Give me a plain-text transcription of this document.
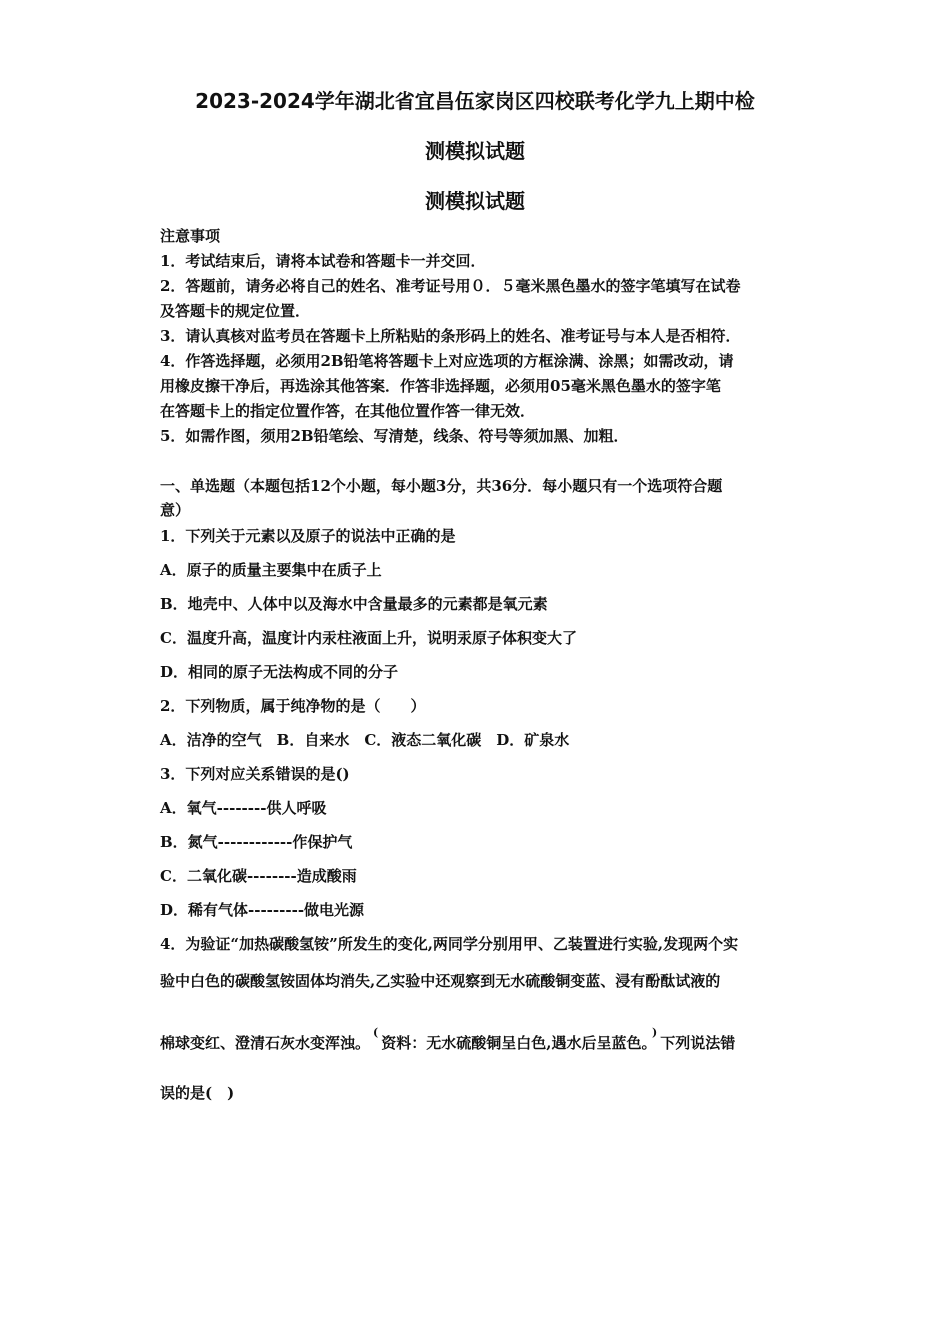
2023-2024学年湖北省宜昌伍家岗区四校联考化学九上期中检
测模拟试题
测模拟试题

注意事项

1．考试结束后，请将本试卷和答题卡一并交回．

2．答题前，请务必将自己的姓名、准考证号用０．５毫米黑色墨水的签字笔填写在试卷

及答题卡的规定位置．

3．请认真核对监考员在答题卡上所粘贴的条形码上的姓名、准考证号与本人是否相符．

4．作答选择题，必须用2B铅笔将答题卡上对应选项的方框涂满、涂黑；如需改动，请

用橡皮擦干净后，再选涂其他答案．作答非选择题，必须用05毫米黑色墨水的签字笔

在答题卡上的指定位置作答，在其他位置作答一律无效．

5．如需作图，须用2B铅笔绘、写清楚，线条、符号等须加黑、加粗．

一、单选题（本题包括12个小题，每小题3分，共36分．每小题只有一个选项符合题

意）

1．下列关于元素以及原子的说法中正确的是

A．原子的质量主要集中在质子上

B．地壳中、人体中以及海水中含量最多的元素都是氧元素

C．温度升高，温度计内汞柱液面上升，说明汞原子体积变大了

D．相同的原子无法构成不同的分子

2．下列物质，属于纯净物的是（　　）

A．洁净的空气　B．自来水　C．液态二氧化碳　D．矿泉水

3．下列对应关系错误的是()

A．氧气--------供人呼吸

B．氮气------------作保护气

C．二氧化碳--------造成酸雨

D．稀有气体---------做电光源

4．为验证“加热碳酸氢铵”所发生的变化,两同学分别用甲、乙装置进行实验,发现两个实

验中白色的碳酸氢铵固体均消失,乙实验中还观察到无水硫酸铜变蓝、浸有酚酞试液的

棉球变红、澄清石灰水变浑浊。(资料：无水硫酸铜呈白色,遇水后呈蓝色。)下列说法错

误的是(　)
